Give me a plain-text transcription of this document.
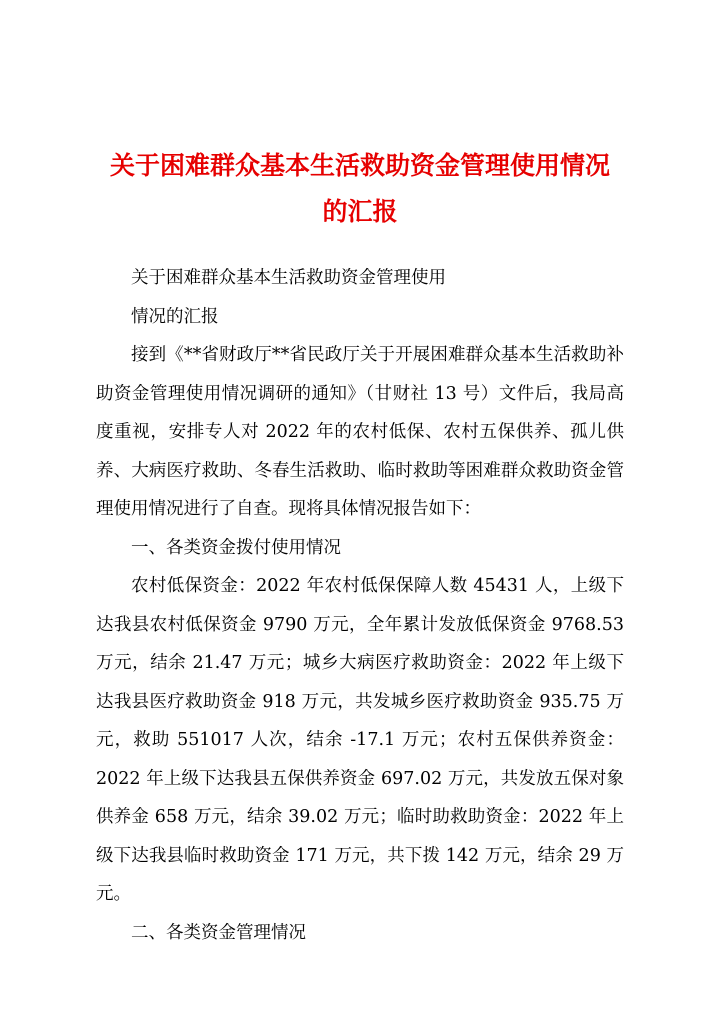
关于困难群众基本生活救助资金管理使用情况
的汇报

关于困难群众基本生活救助资金管理使用

情况的汇报

接到《**省财政厅**省民政厅关于开展困难群众基本生活救助补助资金管理使用情况调研的通知》（甘财社 13 号）文件后，我局高度重视，安排专人对 2022 年的农村低保、农村五保供养、孤儿供养、大病医疗救助、冬春生活救助、临时救助等困难群众救助资金管理使用情况进行了自查。现将具体情况报告如下：

一、各类资金拨付使用情况

农村低保资金：2022 年农村低保保障人数 45431 人，上级下达我县农村低保资金 9790 万元，全年累计发放低保资金 9768.53 万元，结余 21.47 万元；城乡大病医疗救助资金：2022 年上级下达我县医疗救助资金 918 万元，共发城乡医疗救助资金 935.75 万元，救助 551017 人次，结余 -17.1 万元；农村五保供养资金：2022 年上级下达我县五保供养资金 697.02 万元，共发放五保对象供养金 658 万元，结余 39.02 万元；临时助救助资金：2022 年上级下达我县临时救助资金 171 万元，共下拨 142 万元，结余 29 万元。

二、各类资金管理情况
